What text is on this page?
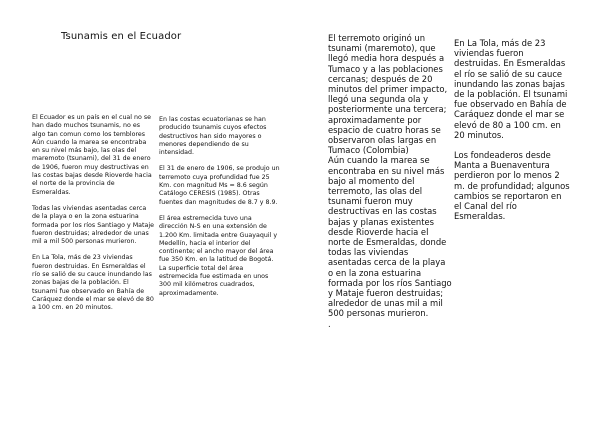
Tsunamis en el Ecuador

El Ecuador es un país en el cual no se han dado muchos tsunamis, no es algo tan comun como los temblores
Aún cuando la marea se encontraba en su nivel más bajo, las olas del maremoto (tsunami), del 31 de enero de 1906, fueron muy destructivas en las costas bajas desde Rioverde hacia el norte de la provincia de Esmeraldas.

Todas las viviendas asentadas cerca de la playa o en la zona estuarina formada por los ríos Santiago y Mataje fueron destruidas; alrededor de unas mil a mil 500 personas murieron.

En La Tola, más de 23 viviendas fueron destruidas. En Esmeraldas el río se salió de su cauce inundando las zonas bajas de la población. El tsunami fue observado en Bahía de Caráquez donde el mar se elevó de 80 a 100 cm. en 20 minutos.

En las costas ecuatorianas se han producido tsunamis cuyos efectos destructivos han sido mayores o menores dependiendo de su intensidad.

El 31 de enero de 1906, se produjo un terremoto cuya profundidad fue 25 Km. con magnitud Ms = 8.6 según Catálogo CERESIS (1985). Otras fuentes dan magnitudes de 8.7 y 8.9.

El área estremecida tuvo una dirección N-S en una extensión de 1.200 Km. limitada entre Guayaquil y Medellín, hacia el interior del continente; el ancho mayor del área fue 350 Km. en la latitud de Bogotá. La superficie total del área estremecida fue estimada en unos 300 mil kilómetros cuadrados, aproximadamente.

El terremoto originó un tsunami (maremoto), que llegó media hora después a Tumaco y a las poblaciones cercanas; después de 20 minutos del primer impacto, llegó una segunda ola y posteriormente una tercera; aproximadamente por espacio de cuatro horas se observaron olas largas en Tumaco (Colombia)
Aún cuando la marea se encontraba en su nivel más bajo al momento del terremoto, las olas del tsunami fueron muy destructivas en las costas bajas y planas existentes desde Rioverde hacia el norte de Esmeraldas, donde todas las viviendas asentadas cerca de la playa o en la zona estuarina formada por los ríos Santiago y Mataje fueron destruidas; alrededor de unas mil a mil 500 personas murieron.
.

En La Tola, más de 23 viviendas fueron destruidas. En Esmeraldas el río se salió de su cauce inundando las zonas bajas de la población. El tsunami fue observado en Bahía de Caráquez donde el mar se elevó de 80 a 100 cm. en 20 minutos.

Los fondeaderos desde Manta a Buenaventura perdieron por lo menos 2 m. de profundidad; algunos cambios se reportaron en el Canal del río Esmeraldas.
